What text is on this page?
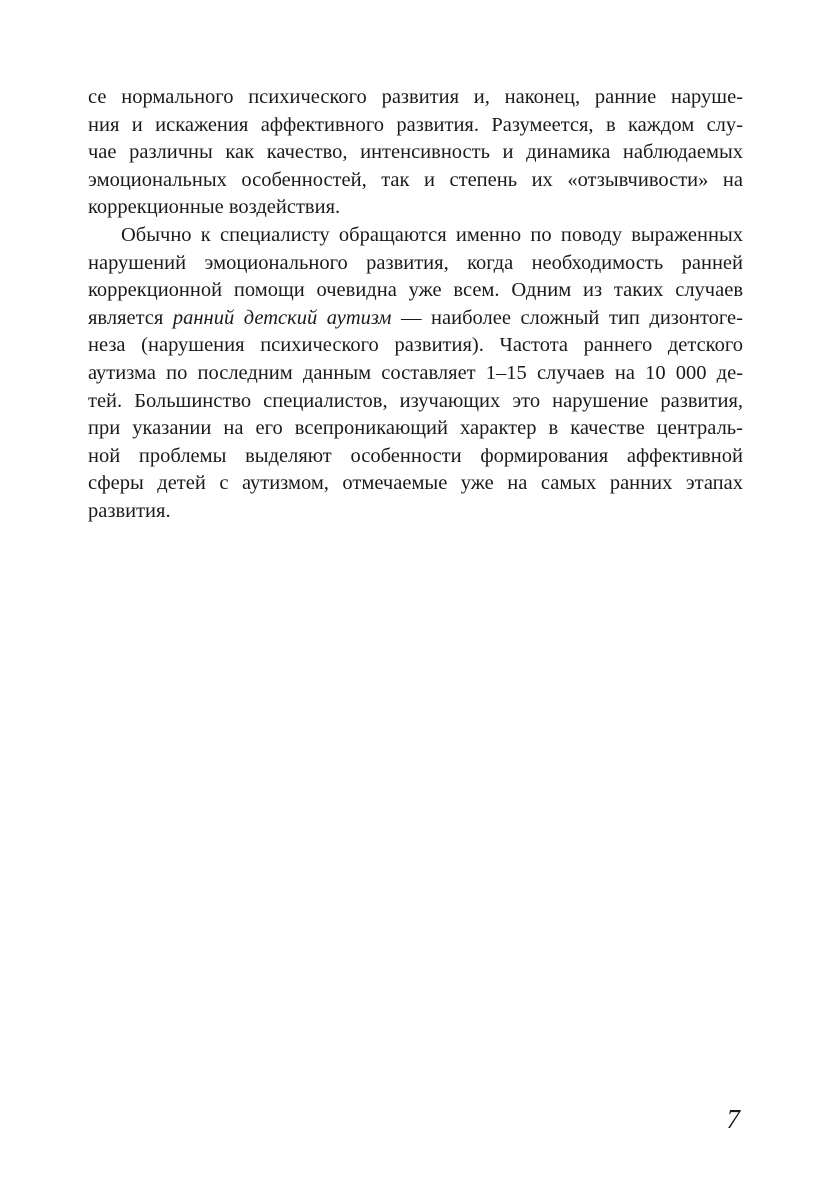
се нормального психического развития и, наконец, ранние наруше-
ния и искажения аффективного развития. Разумеется, в каждом слу-
чае различны как качество, интенсивность и динамика наблюдаемых
эмоциональных особенностей, так и степень их «отзывчивости» на
коррекционные воздействия.
Обычно к специалисту обращаются именно по поводу выраженных
нарушений эмоционального развития, когда необходимость ранней
коррекционной помощи очевидна уже всем. Одним из таких случаев
является ранний детский аутизм — наиболее сложный тип дизонтоге-
неза (нарушения психического развития). Частота раннего детского
аутизма по последним данным составляет 1–15 случаев на 10 000 де-
тей. Большинство специалистов, изучающих это нарушение развития,
при указании на его всепроникающий характер в качестве централь-
ной проблемы выделяют особенности формирования аффективной
сферы детей с аутизмом, отмечаемые уже на самых ранних этапах
развития.
7
